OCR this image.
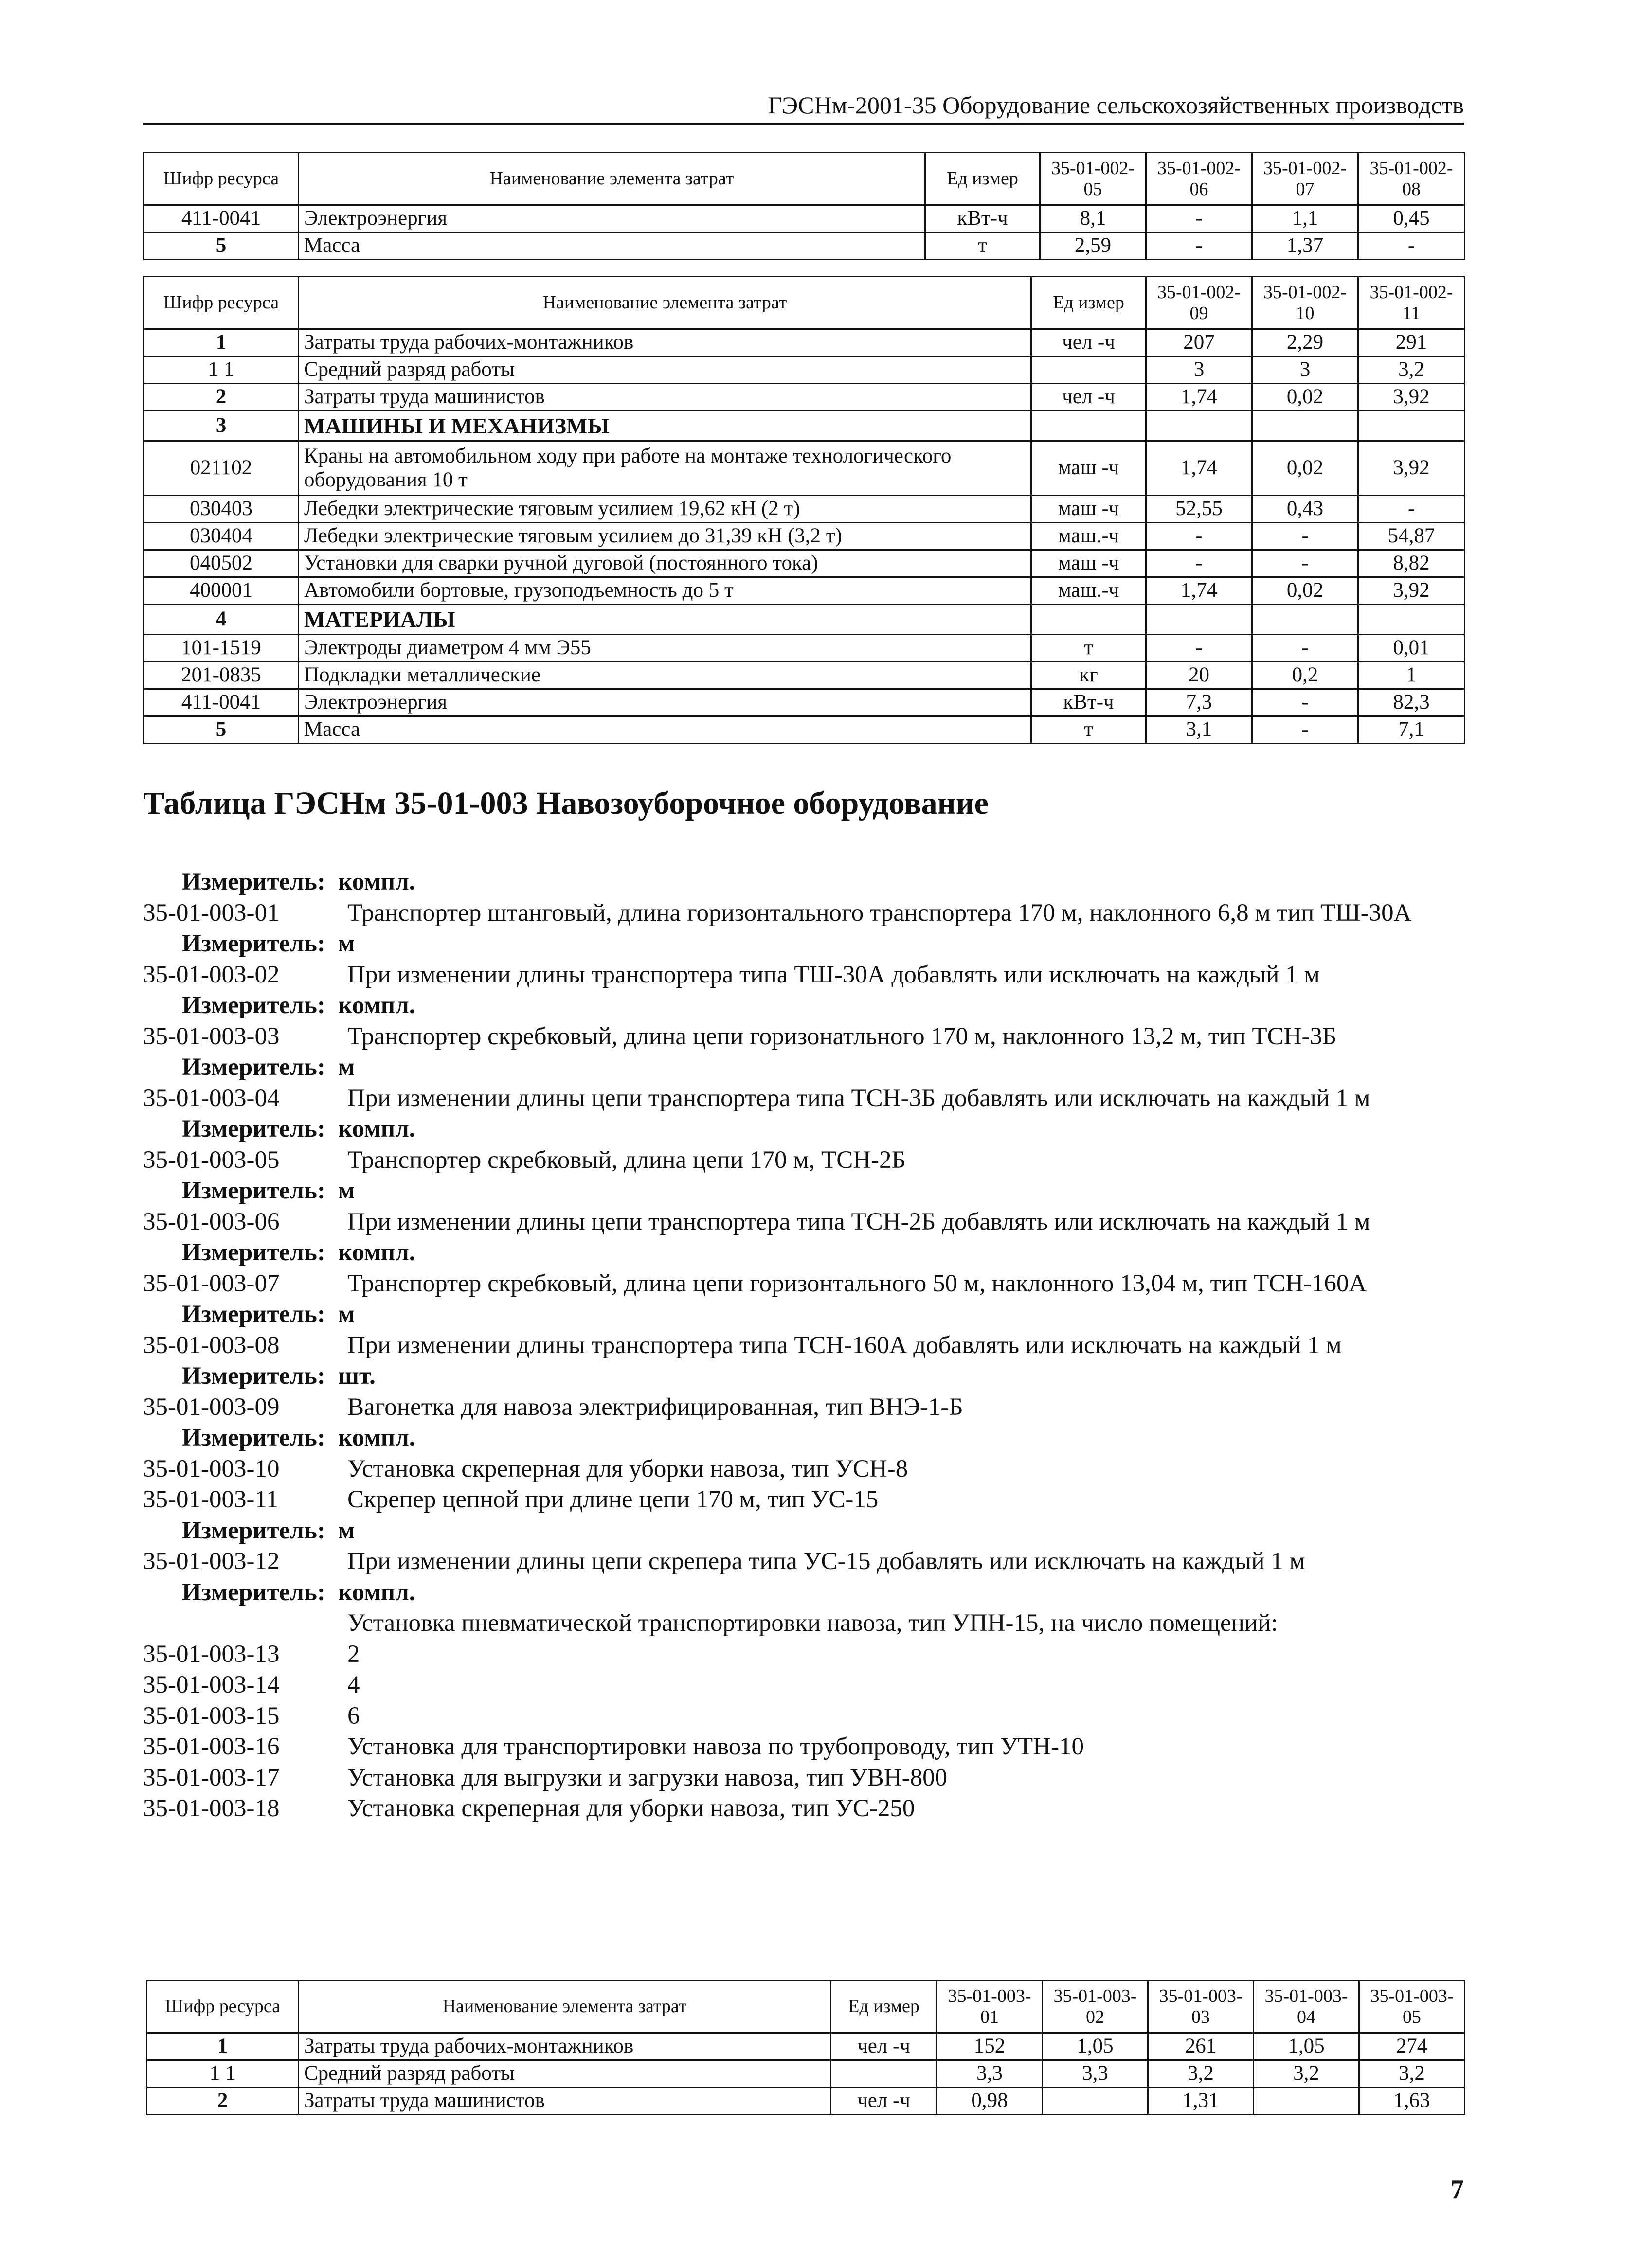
ГЭСНм-2001-35 Оборудование сельскохозяйственных производств
Шифр ресурса	Наименование элемента затрат	Ед измер	35-01-002-05	35-01-002-06	35-01-002-07	35-01-002-08
411-0041	Электроэнергия	кВт-ч	8,1	-	1,1	0,45
5	Масса	т	2,59	-	1,37	-
Шифр ресурса	Наименование элемента затрат	Ед измер	35-01-002-09	35-01-002-10	35-01-002-11
1	Затраты труда рабочих-монтажников	чел -ч	207	2,29	291
1 1	Средний разряд работы		3	3	3,2
2	Затраты труда машинистов	чел -ч	1,74	0,02	3,92
3	МАШИНЫ И МЕХАНИЗМЫ				
021102	Краны на автомобильном ходу при работе на монтаже технологического оборудования 10 т	маш -ч	1,74	0,02	3,92
030403	Лебедки электрические тяговым усилием 19,62 кН (2 т)	маш -ч	52,55	0,43	-
030404	Лебедки электрические тяговым усилием до 31,39 кН (3,2 т)	маш.-ч	-	-	54,87
040502	Установки для сварки ручной дуговой (постоянного тока)	маш -ч	-	-	8,82
400001	Автомобили бортовые, грузоподъемность до 5 т	маш.-ч	1,74	0,02	3,92
4	МАТЕРИАЛЫ				
101-1519	Электроды диаметром 4 мм Э55	т	-	-	0,01
201-0835	Подкладки металлические	кг	20	0,2	1
411-0041	Электроэнергия	кВт-ч	7,3	-	82,3
5	Масса	т	3,1	-	7,1
Таблица ГЭСНм 35-01-003 Навозоуборочное оборудование
Измеритель: компл.
35-01-003-01	Транспортер штанговый, длина горизонтального транспортера 170 м, наклонного 6,8 м тип ТШ-30А
Измеритель: м
35-01-003-02	При изменении длины транспортера типа ТШ-30А добавлять или исключать на каждый 1 м
Измеритель: компл.
35-01-003-03	Транспортер скребковый, длина цепи горизонатльного 170 м, наклонного 13,2 м, тип ТСН-3Б
Измеритель: м
35-01-003-04	При изменении длины цепи транспортера типа ТСН-3Б добавлять или исключать на каждый 1 м
Измеритель: компл.
35-01-003-05	Транспортер скребковый, длина цепи 170 м, ТСН-2Б
Измеритель: м
35-01-003-06	При изменении длины цепи транспортера типа ТСН-2Б добавлять или исключать на каждый 1 м
Измеритель: компл.
35-01-003-07	Транспортер скребковый, длина цепи горизонтального 50 м, наклонного 13,04 м, тип ТСН-160А
Измеритель: м
35-01-003-08	При изменении длины транспортера типа ТСН-160А добавлять или исключать на каждый 1 м
Измеритель: шт.
35-01-003-09	Вагонетка для навоза электрифицированная, тип ВНЭ-1-Б
Измеритель: компл.
35-01-003-10	Установка скреперная для уборки навоза, тип УСН-8
35-01-003-11	Скрепер цепной при длине цепи 170 м, тип УС-15
Измеритель: м
35-01-003-12	При изменении длины цепи скрепера типа УС-15 добавлять или исключать на каждый 1 м
Измеритель: компл.
Установка пневматической транспортировки навоза, тип УПН-15, на число помещений:
35-01-003-13	2
35-01-003-14	4
35-01-003-15	6
35-01-003-16	Установка для транспортировки навоза по трубопроводу, тип УТН-10
35-01-003-17	Установка для выгрузки и загрузки навоза, тип УВН-800
35-01-003-18	Установка скреперная для уборки навоза, тип УС-250
Шифр ресурса	Наименование элемента затрат	Ед измер	35-01-003-01	35-01-003-02	35-01-003-03	35-01-003-04	35-01-003-05
1	Затраты труда рабочих-монтажников	чел -ч	152	1,05	261	1,05	274
1 1	Средний разряд работы		3,3	3,3	3,2	3,2	3,2
2	Затраты труда машинистов	чел -ч	0,98		1,31		1,63
7
